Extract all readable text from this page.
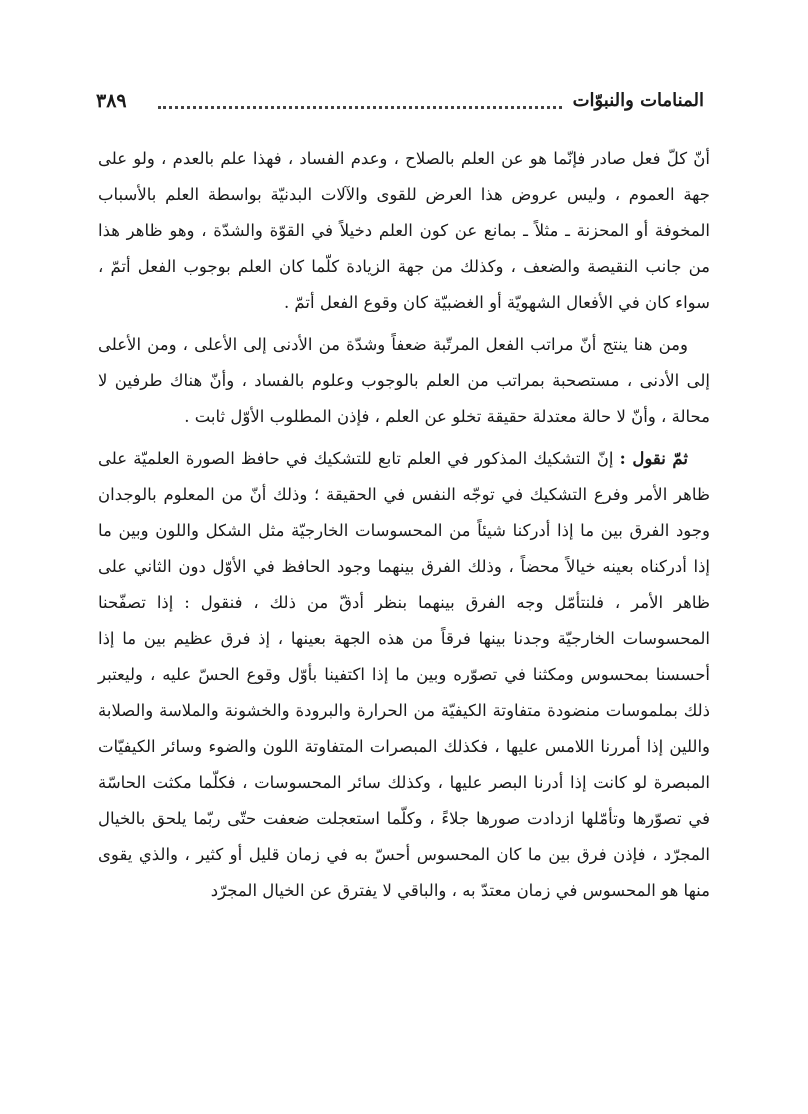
المنامات والنبوّات
٣٨٩

أنّ كلّ فعل صادر فإنّما هو عن العلم بالصلاح ، وعدم الفساد ، فهذا علم بالعدم ، ولو على جهة العموم ، وليس عروض هذا العرض للقوى والآلات البدنيّة بواسطة العلم بالأسباب المخوفة أو المحزنة ـ مثلاً ـ بمانع عن كون العلم دخيلاً في القوّة والشدّة ، وهو ظاهر هذا من جانب النقيصة والضعف ، وكذلك من جهة الزيادة كلّما كان العلم بوجوب الفعل أتمّ ، سواء كان في الأفعال الشهويّة أو الغضبيّة كان وقوع الفعل أتمّ .

ومن هنا ينتج أنّ مراتب الفعل المرتّبة ضعفاً وشدّة من الأدنى إلى الأعلى ، ومن الأعلى إلى الأدنى ، مستصحبة بمراتب من العلم بالوجوب وعلوم بالفساد ، وأنّ هناك طرفين لا محالة ، وأنّ لا حالة معتدلة حقيقة تخلو عن العلم ، فإذن المطلوب الأوّل ثابت .

ثمّ نقول : إنّ التشكيك المذكور في العلم تابع للتشكيك في حافظ الصورة العلميّة على ظاهر الأمر وفرع التشكيك في توجّه النفس في الحقيقة ؛ وذلك أنّ من المعلوم بالوجدان وجود الفرق بين ما إذا أدركنا شيئاً من المحسوسات الخارجيّة مثل الشكل واللون وبين ما إذا أدركناه بعينه خيالاً محضاً ، وذلك الفرق بينهما وجود الحافظ في الأوّل دون الثاني على ظاهر الأمر ، فلنتأمّل وجه الفرق بينهما بنظر أدقّ من ذلك ، فنقول : إذا تصفّحنا المحسوسات الخارجيّة وجدنا بينها فرقاً من هذه الجهة بعينها ، إذ فرق عظيم بين ما إذا أحسسنا بمحسوس ومكثنا في تصوّره وبين ما إذا اكتفينا بأوّل وقوع الحسّ عليه ، وليعتبر ذلك بملموسات منضودة متفاوتة الكيفيّة من الحرارة والبرودة والخشونة والملاسة والصلابة واللين إذا أمررنا اللامس عليها ، فكذلك المبصرات المتفاوتة اللون والضوء وسائر الكيفيّات المبصرة لو كانت إذا أدرنا البصر عليها ، وكذلك سائر المحسوسات ، فكلّما مكثت الحاسّة في تصوّرها وتأمّلها ازدادت صورها جلاءً ، وكلّما استعجلت ضعفت حتّى ربّما يلحق بالخيال المجرّد ، فإذن فرق بين ما كان المحسوس أحسّ به في زمان قليل أو كثير ، والذي يقوى منها هو المحسوس في زمان معتدّ به ، والباقي لا يفترق عن الخيال المجرّد
